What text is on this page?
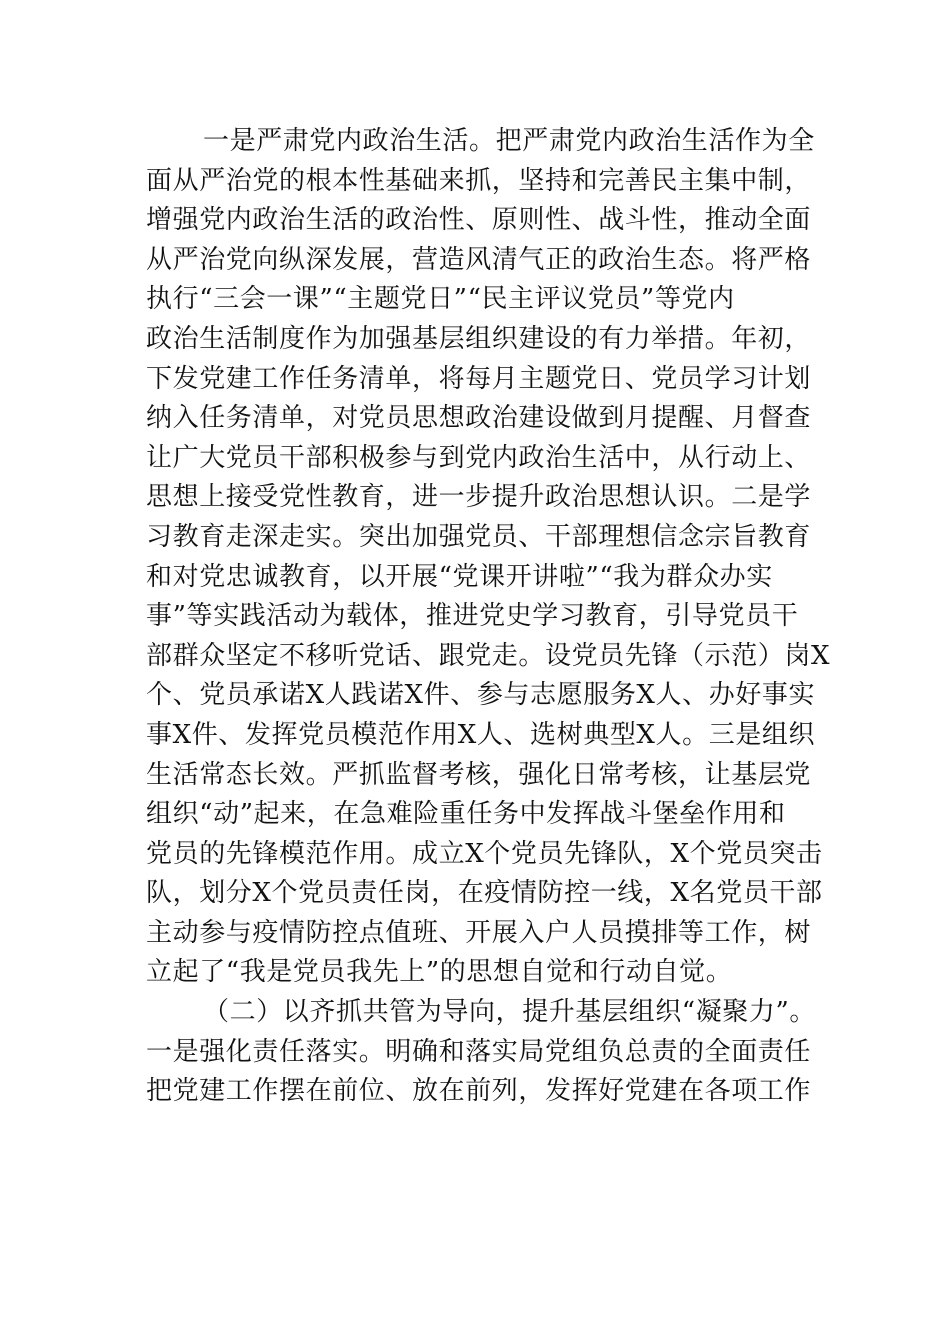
一是严肃党内政治生活。把严肃党内政治生活作为全
面从严治党的根本性基础来抓，坚持和完善民主集中制，
增强党内政治生活的政治性、原则性、战斗性，推动全面
从严治党向纵深发展，营造风清气正的政治生态。将严格
执行“三会一课”“主题党日”“民主评议党员”等党内
政治生活制度作为加强基层组织建设的有力举措。年初，
下发党建工作任务清单，将每月主题党日、党员学习计划
纳入任务清单，对党员思想政治建设做到月提醒、月督查
让广大党员干部积极参与到党内政治生活中，从行动上、
思想上接受党性教育，进一步提升政治思想认识。二是学
习教育走深走实。突出加强党员、干部理想信念宗旨教育
和对党忠诚教育，以开展“党课开讲啦”“我为群众办实
事”等实践活动为载体，推进党史学习教育，引导党员干
部群众坚定不移听党话、跟党走。设党员先锋（示范）岗X
个、党员承诺X人践诺X件、参与志愿服务X人、办好事实
事X件、发挥党员模范作用X人、选树典型X人。三是组织
生活常态长效。严抓监督考核，强化日常考核，让基层党
组织“动”起来，在急难险重任务中发挥战斗堡垒作用和
党员的先锋模范作用。成立X个党员先锋队，X个党员突击
队，划分X个党员责任岗，在疫情防控一线，X名党员干部
主动参与疫情防控点值班、开展入户人员摸排等工作，树
立起了“我是党员我先上”的思想自觉和行动自觉。
（二）以齐抓共管为导向，提升基层组织“凝聚力”。
一是强化责任落实。明确和落实局党组负总责的全面责任
把党建工作摆在前位、放在前列，发挥好党建在各项工作
